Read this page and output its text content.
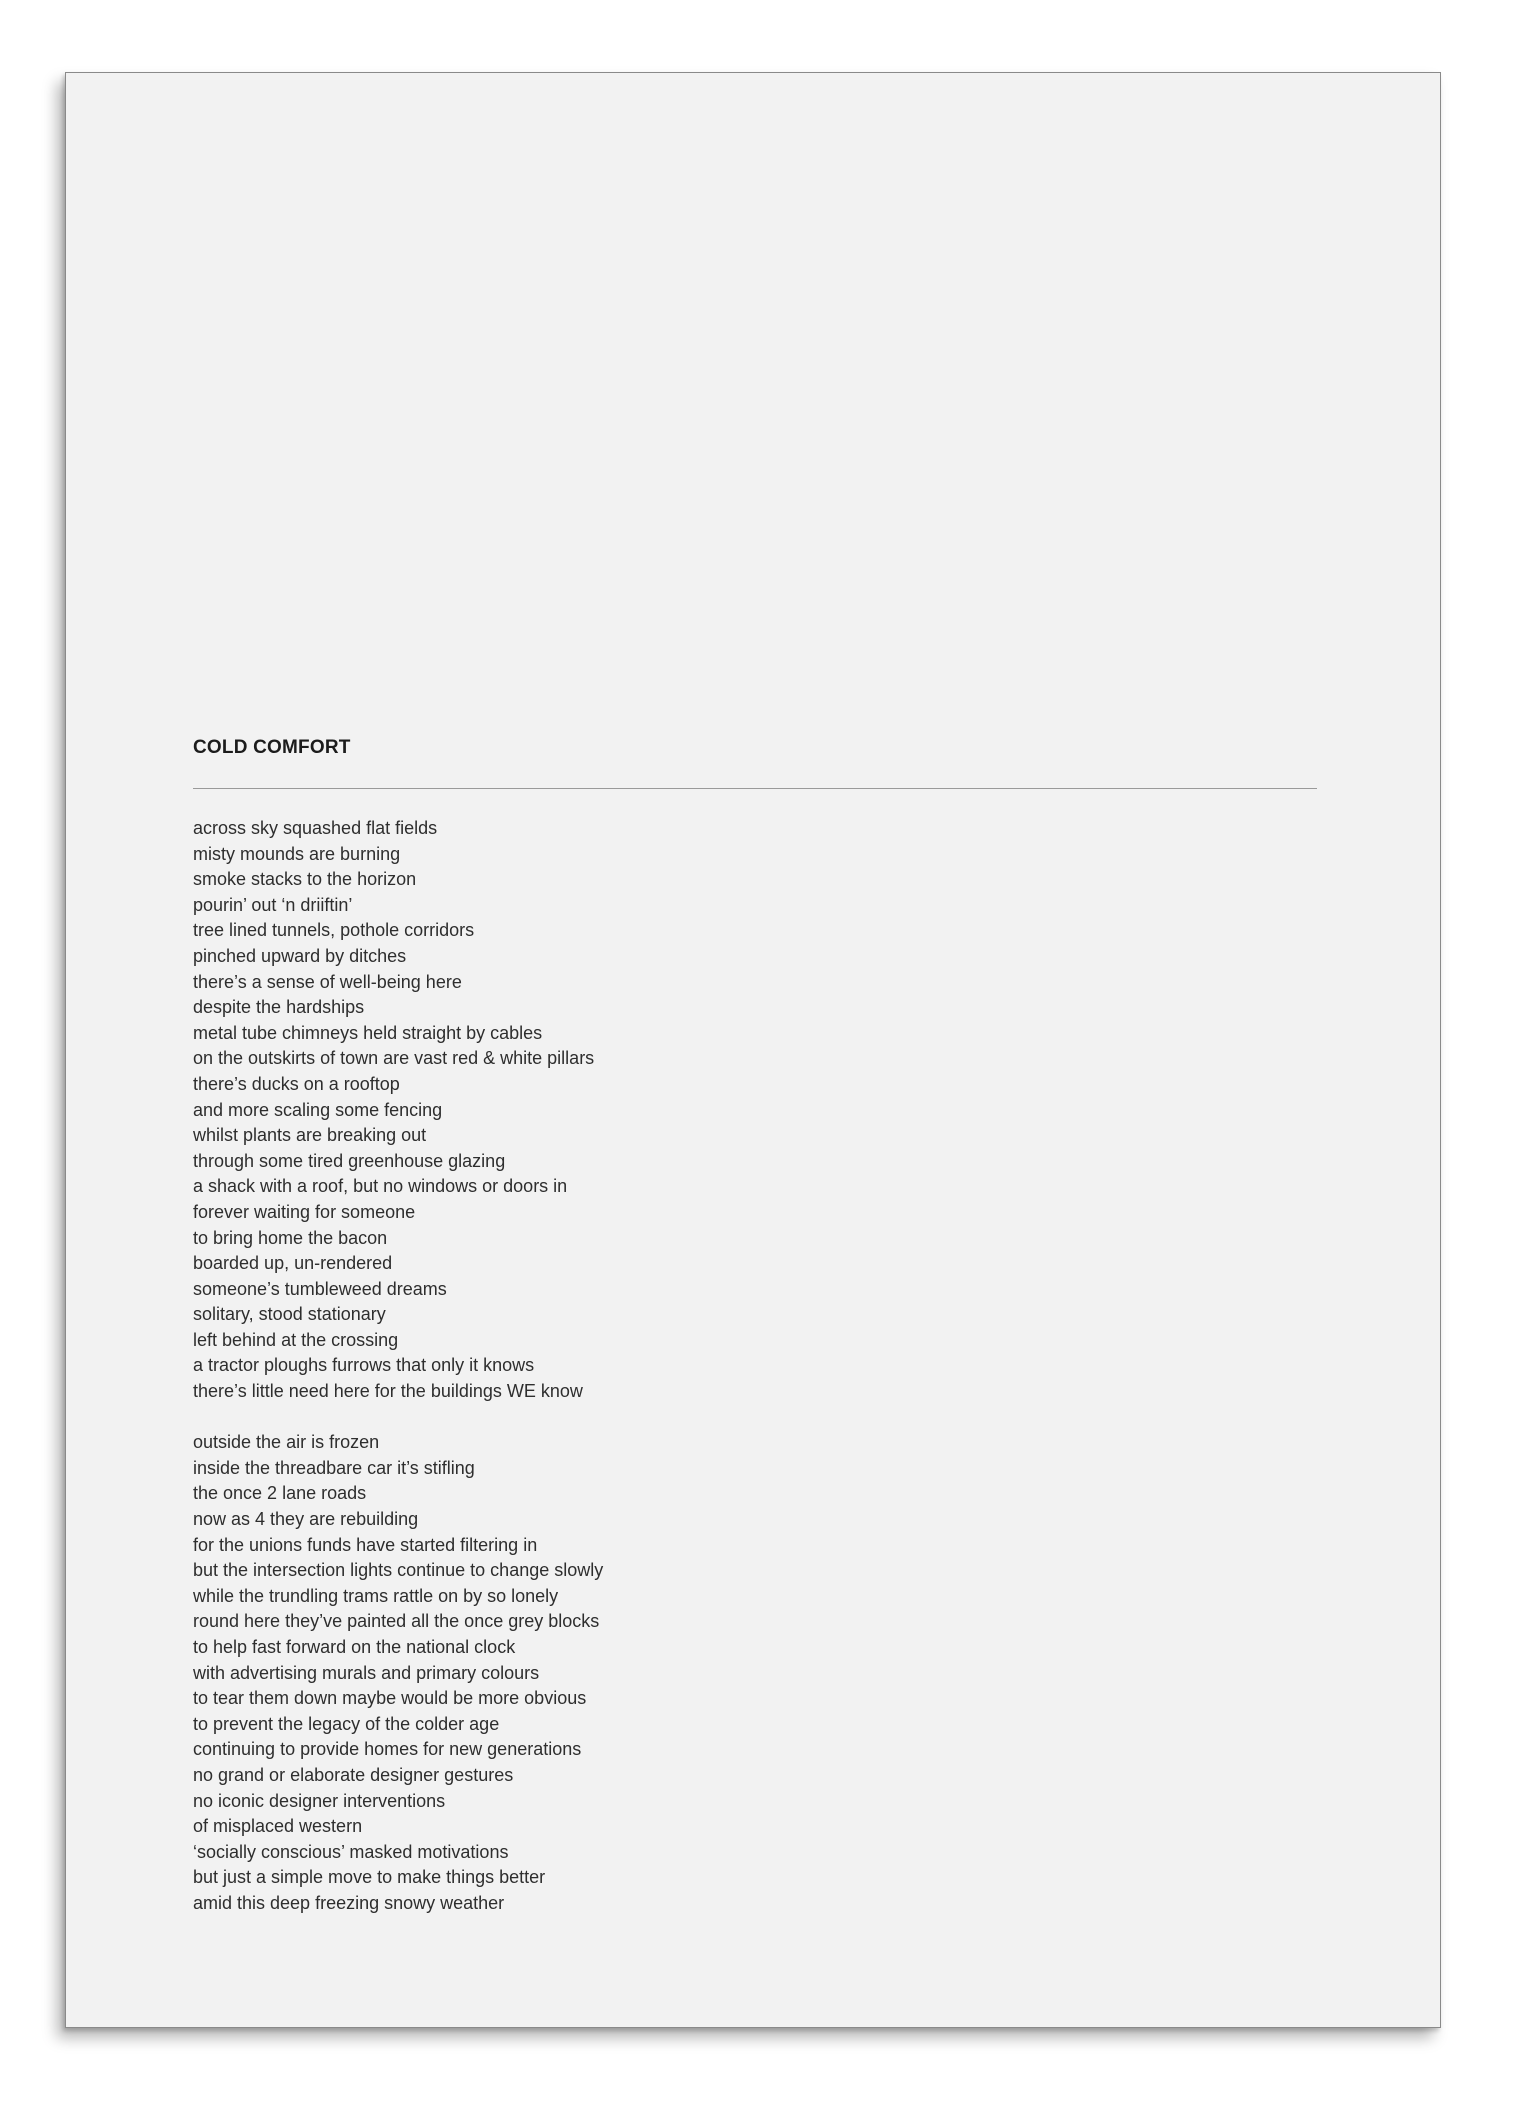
COLD COMFORT
across sky squashed flat fields
misty mounds are burning
smoke stacks to the horizon
pourin’ out ‘n driiftin’
tree lined tunnels, pothole corridors
pinched upward by ditches
there’s a sense of well-being here
despite the hardships
metal tube chimneys held straight by cables
on the outskirts of town are vast red & white pillars
there’s ducks on a rooftop
and more scaling some fencing
whilst plants are breaking out
through some tired greenhouse glazing
a shack with a roof, but no windows or doors in
forever waiting for someone
to bring home the bacon
boarded up, un-rendered
someone’s tumbleweed dreams
solitary, stood stationary
left behind at the crossing
a tractor ploughs furrows that only it knows
there’s little need here for the buildings WE know
outside the air is frozen
inside the threadbare car it’s stifling
the once 2 lane roads
now as 4 they are rebuilding
for the unions funds have started filtering in
but the intersection lights continue to change slowly
while the trundling trams rattle on by so lonely
round here they’ve painted all the once grey blocks
to help fast forward on the national clock
with advertising murals and primary colours
to tear them down maybe would be more obvious
to prevent the legacy of the colder age
continuing to provide homes for new generations
no grand or elaborate designer gestures
no iconic designer interventions
of misplaced western
‘socially conscious’ masked motivations
but just a simple move to make things better
amid this deep freezing snowy weather
